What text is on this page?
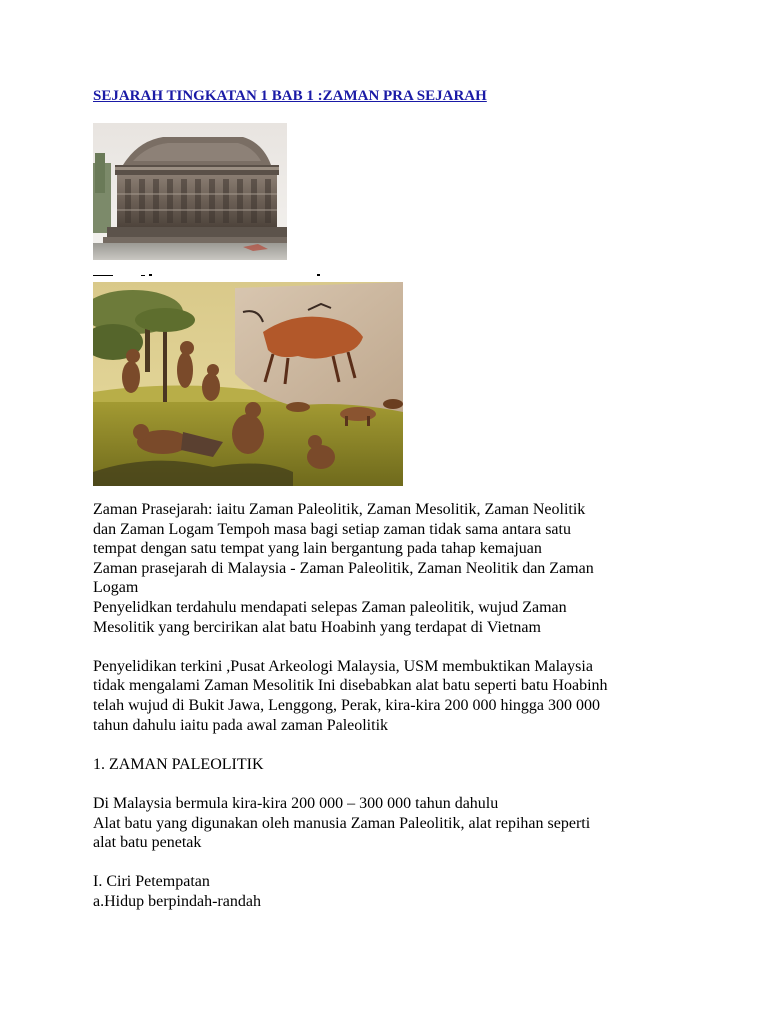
SEJARAH TINGKATAN 1 BAB 1 :ZAMAN PRA SEJARAH

Zaman Prasejarah: iaitu Zaman Paleolitik, Zaman Mesolitik, Zaman Neolitik

dan Zaman Logam Tempoh masa bagi setiap zaman tidak sama antara satu

tempat dengan satu tempat yang lain bergantung pada tahap kemajuan

Zaman prasejarah di Malaysia - Zaman Paleolitik, Zaman Neolitik dan Zaman

Logam

Penyelidkan terdahulu mendapati selepas Zaman paleolitik, wujud Zaman

Mesolitik yang bercirikan alat batu Hoabinh yang terdapat di Vietnam

Penyelidikan terkini ,Pusat Arkeologi Malaysia, USM membuktikan Malaysia

tidak mengalami Zaman Mesolitik Ini disebabkan alat batu seperti batu Hoabinh

telah wujud di Bukit Jawa, Lenggong, Perak, kira-kira 200 000 hingga 300 000

tahun dahulu iaitu pada awal zaman Paleolitik

1. ZAMAN PALEOLITIK

Di Malaysia bermula kira-kira 200 000 – 300 000 tahun dahulu

Alat batu yang digunakan oleh manusia Zaman Paleolitik, alat repihan seperti

alat batu penetak

I. Ciri Petempatan

a.Hidup berpindah-randah
